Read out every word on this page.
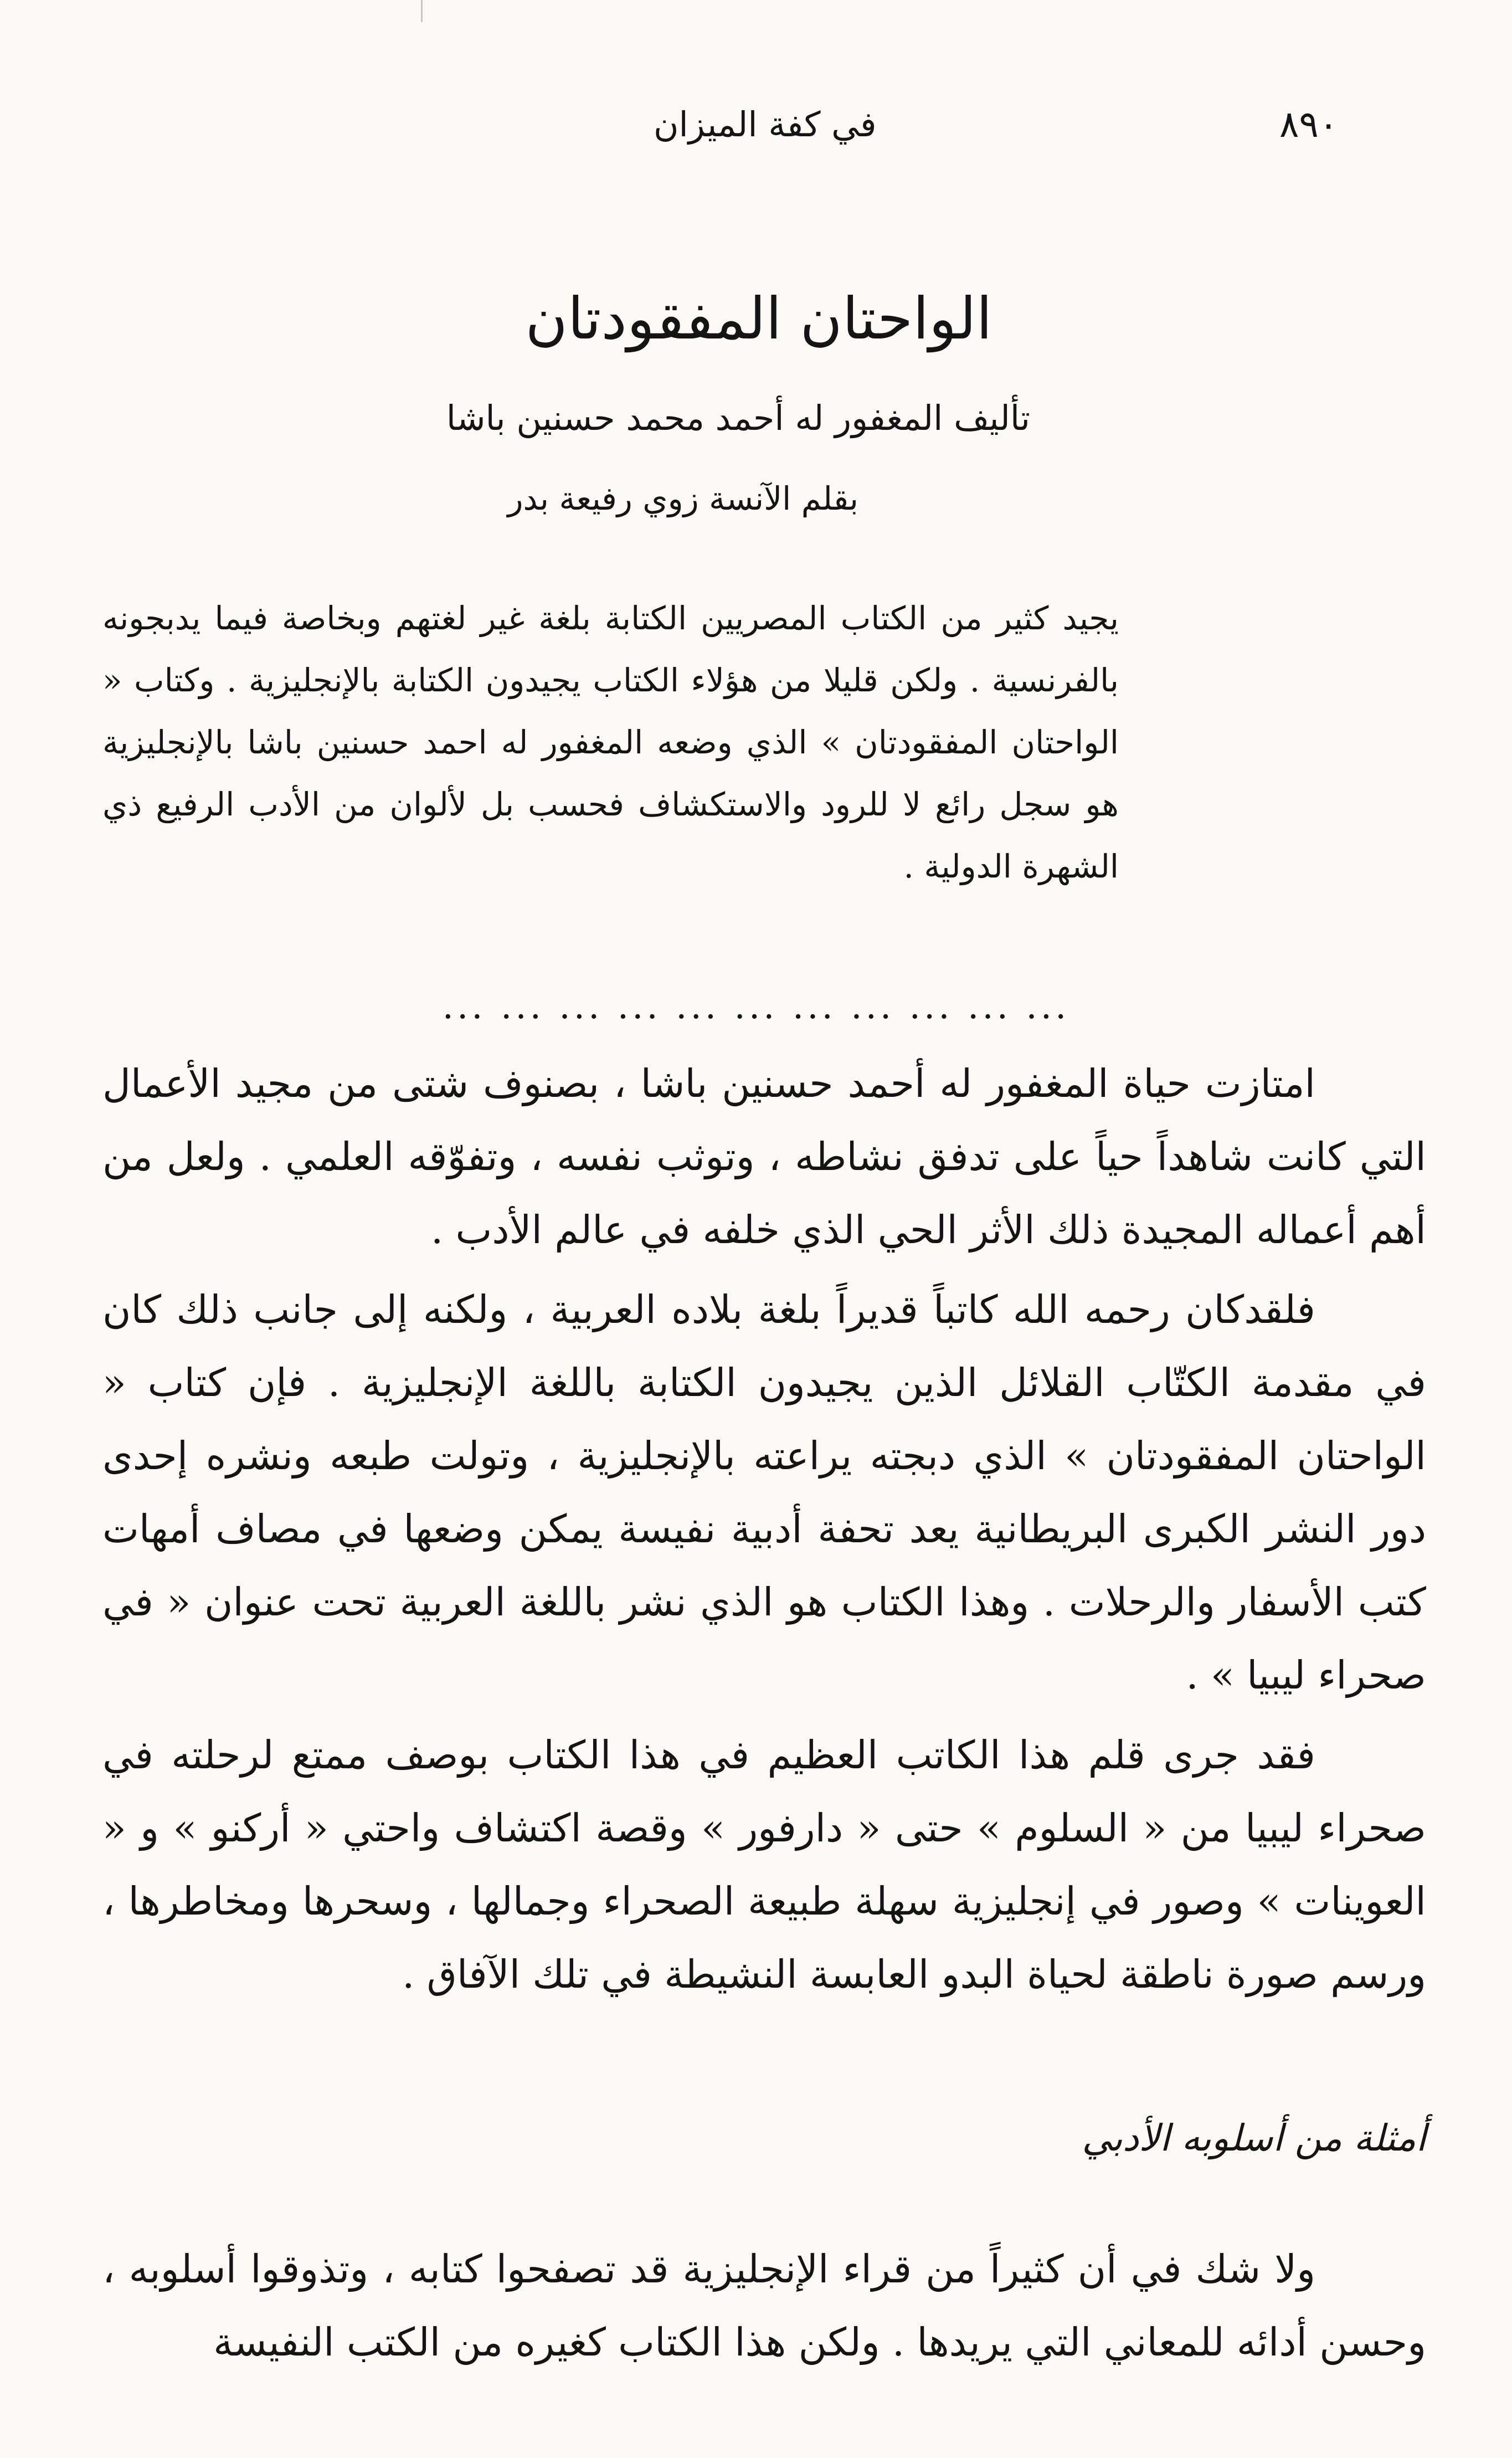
٨٩٠
في كفة الميزان
الواحتان المفقودتان
تأليف المغفور له أحمد محمد حسنين باشا
بقلم الآنسة زوي رفيعة بدر
يجيد كثير من الكتاب المصريين الكتابة بلغة غير لغتهم وبخاصة فيما يدبجونه بالفرنسية . ولكن قليلا من هؤلاء الكتاب يجيدون الكتابة بالإنجليزية . وكتاب « الواحتان المفقودتان » الذي وضعه المغفور له احمد حسنين باشا بالإنجليزية هو سجل رائع لا للرود والاستكشاف فحسب بل لألوان من الأدب الرفيع ذي الشهرة الدولية .
... ... ... ... ... ... ... ... ... ... ...

امتازت حياة المغفور له أحمد حسنين باشا ، بصنوف شتى من مجيد الأعمال التي كانت شاهداً حياً على تدفق نشاطه ، وتوثب نفسه ، وتفوّقه العلمي . ولعل من أهم أعماله المجيدة ذلك الأثر الحي الذي خلفه في عالم الأدب .

فلقدكان رحمه الله كاتباً قديراً بلغة بلاده العربية ، ولكنه إلى جانب ذلك كان في مقدمة الكتّاب القلائل الذين يجيدون الكتابة باللغة الإنجليزية . فإن كتاب « الواحتان المفقودتان » الذي دبجته يراعته بالإنجليزية ، وتولت طبعه ونشره إحدى دور النشر الكبرى البريطانية يعد تحفة أدبية نفيسة يمكن وضعها في مصاف أمهات كتب الأسفار والرحلات . وهذا الكتاب هو الذي نشر باللغة العربية تحت عنوان « في صحراء ليبيا » .

فقد جرى قلم هذا الكاتب العظيم في هذا الكتاب بوصف ممتع لرحلته في صحراء ليبيا من « السلوم » حتى « دارفور » وقصة اكتشاف واحتي « أركنو » و « العوينات » وصور في إنجليزية سهلة طبيعة الصحراء وجمالها ، وسحرها ومخاطرها ، ورسم صورة ناطقة لحياة البدو العابسة النشيطة في تلك الآفاق .

أمثلة من أسلوبه الأدبي

ولا شك في أن كثيراً من قراء الإنجليزية قد تصفحوا كتابه ، وتذوقوا أسلوبه ، وحسن أدائه للمعاني التي يريدها . ولكن هذا الكتاب كغيره من الكتب النفيسة
